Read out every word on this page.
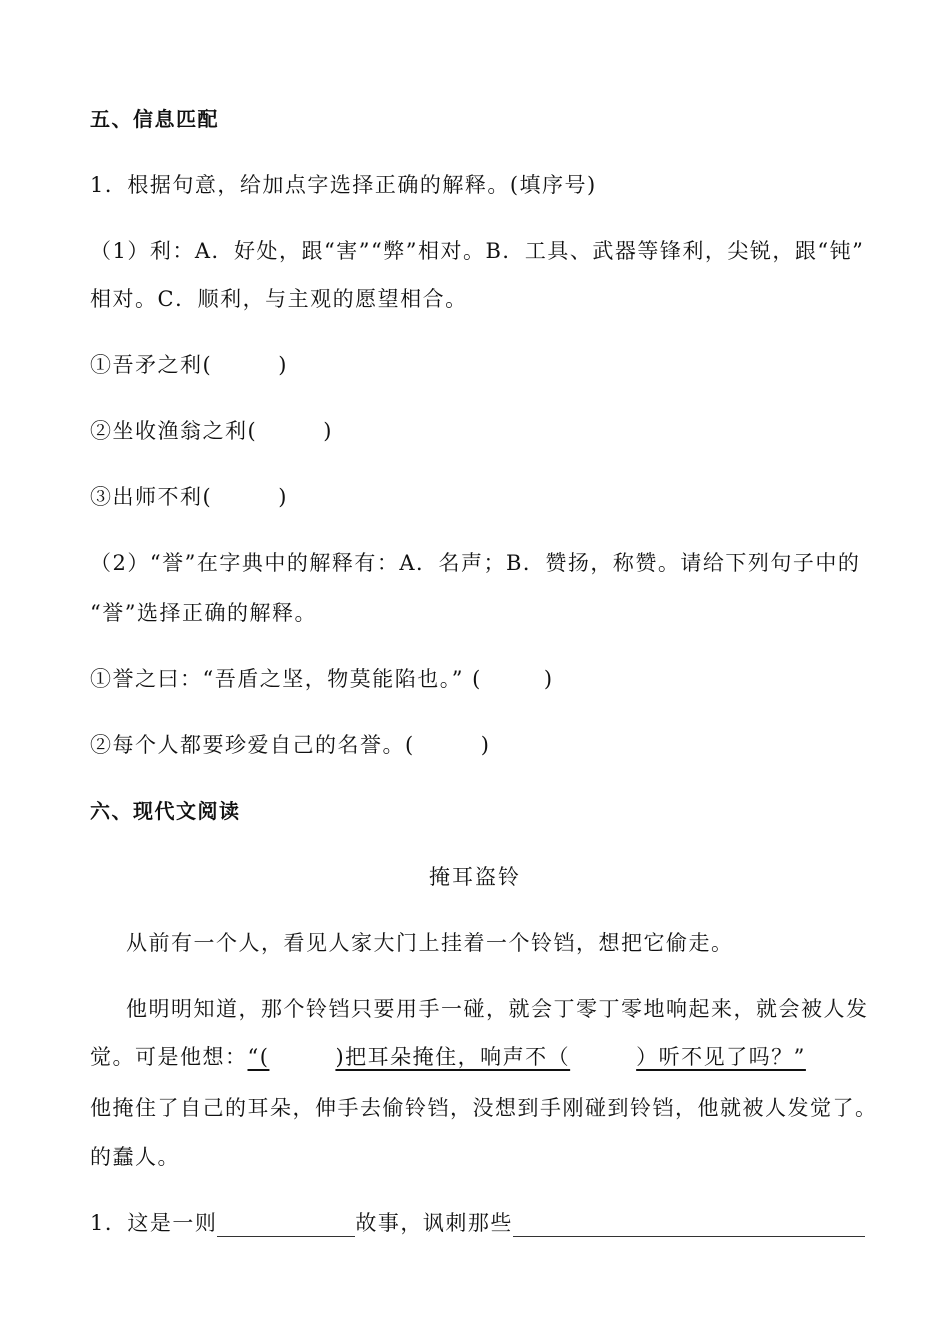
五、信息匹配
1．根据句意，给加点字选择正确的解释。(填序号)
（1）利：A．好处，跟“害”“弊”相对。B．工具、武器等锋利，尖锐，跟“钝”
相对。C．顺利，与主观的愿望相合。
①吾矛之利(	)
②坐收渔翁之利(	)
③出师不利(	)
（2）“誉”在字典中的解释有：A．名声；B．赞扬，称赞。请给下列句子中的
“誉”选择正确的解释。
①誉之曰：“吾盾之坚，物莫能陷也。” (	)
②每个人都要珍爱自己的名誉。(	)
六、现代文阅读
掩耳盗铃
从前有一个人，看见人家大门上挂着一个铃铛，想把它偷走。
他明明知道，那个铃铛只要用手一碰，就会丁零丁零地响起来，就会被人发
觉。可是他想：“(	)把耳朵掩住，响声不（	）听不见了吗？”
他掩住了自己的耳朵，伸手去偷铃铛，没想到手刚碰到铃铛，他就被人发觉了。
的蠢人。
1．这是一则	故事，讽刺那些
